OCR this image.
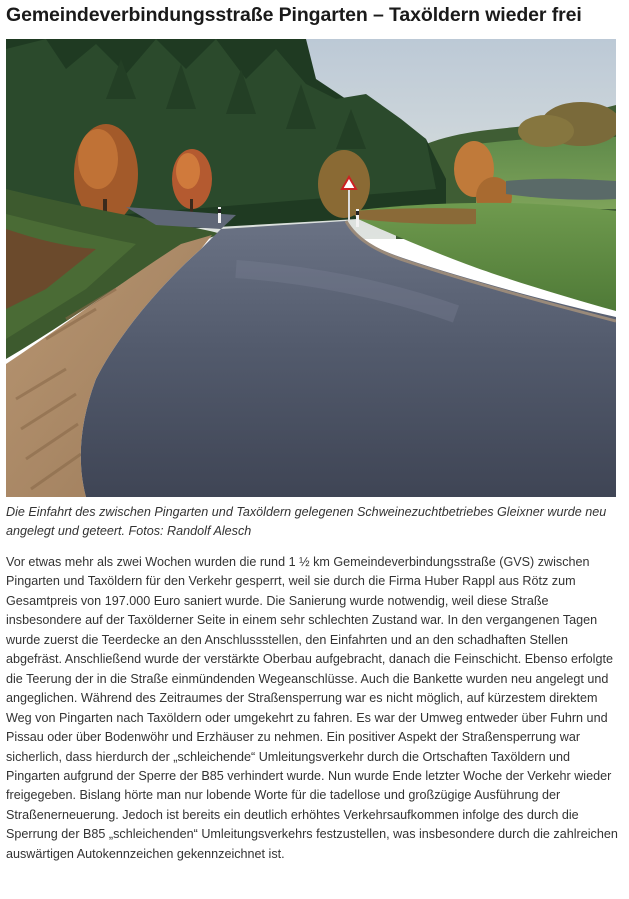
Gemeindeverbindungsstraße Pingarten – Taxöldern wieder frei

Die Einfahrt des zwischen Pingarten und Taxöldern gelegenen Schweinezuchtbetriebes Gleixner wurde neu angelegt und geteert. Fotos: Randolf Alesch

Vor etwas mehr als zwei Wochen wurden die rund 1 ½ km Gemeindeverbindungsstraße (GVS) zwischen Pingarten und Taxöldern für den Verkehr gesperrt, weil sie durch die Firma Huber Rappl aus Rötz zum Gesamtpreis von 197.000 Euro saniert wurde. Die Sanierung wurde notwendig, weil diese Straße insbesondere auf der Taxölderner Seite in einem sehr schlechten Zustand war. In den vergangenen Tagen wurde zuerst die Teerdecke an den Anschlussstellen, den Einfahrten und an den schadhaften Stellen abgefräst. Anschließend wurde der verstärkte Oberbau aufgebracht, danach die Feinschicht. Ebenso erfolgte die Teerung der in die Straße einmündenden Wegeanschlüsse. Auch die Bankette wurden neu angelegt und angeglichen. Während des Zeitraumes der Straßensperrung war es nicht möglich, auf kürzestem direktem Weg von Pingarten nach Taxöldern oder umgekehrt zu fahren. Es war der Umweg entweder über Fuhrn und Pissau oder über Bodenwöhr und Erzhäuser zu nehmen. Ein positiver Aspekt der Straßensperrung war sicherlich, dass hierdurch der „schleichende“ Umleitungsverkehr durch die Ortschaften Taxöldern und Pingarten aufgrund der Sperre der B85 verhindert wurde. Nun wurde Ende letzter Woche der Verkehr wieder freigegeben. Bislang hörte man nur lobende Worte für die tadellose und großzügige Ausführung der Straßenerneuerung. Jedoch ist bereits ein deutlich erhöhtes Verkehrsaufkommen infolge des durch die Sperrung der B85 „schleichenden“ Umleitungsverkehrs festzustellen, was insbesondere durch die zahlreichen auswärtigen Autokennzeichen gekennzeichnet ist.
